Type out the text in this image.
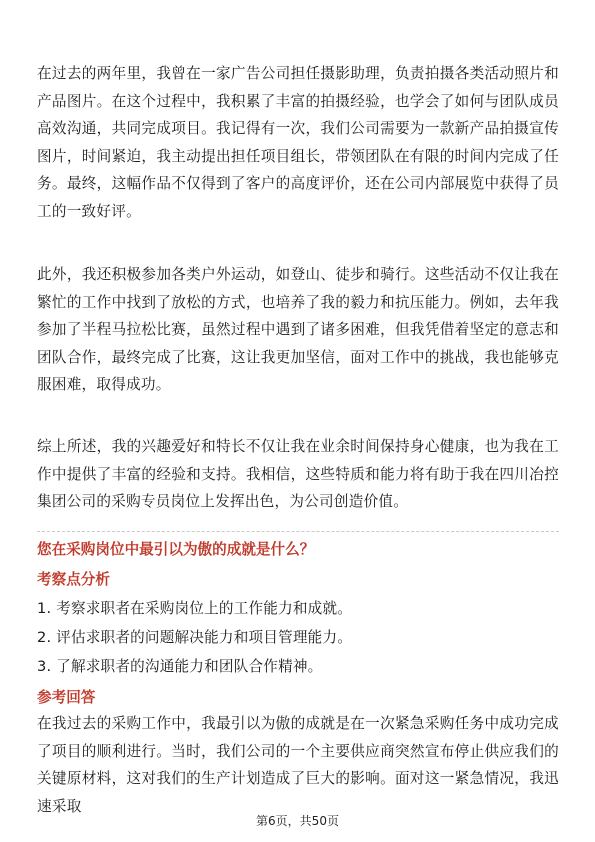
在过去的两年里，我曾在一家广告公司担任摄影助理，负责拍摄各类活动照片和产品图片。在这个过程中，我积累了丰富的拍摄经验，也学会了如何与团队成员高效沟通，共同完成项目。我记得有一次，我们公司需要为一款新产品拍摄宣传图片，时间紧迫，我主动提出担任项目组长，带领团队在有限的时间内完成了任务。最终，这幅作品不仅得到了客户的高度评价，还在公司内部展览中获得了员工的一致好评。

此外，我还积极参加各类户外运动，如登山、徒步和骑行。这些活动不仅让我在繁忙的工作中找到了放松的方式，也培养了我的毅力和抗压能力。例如，去年我参加了半程马拉松比赛，虽然过程中遇到了诸多困难，但我凭借着坚定的意志和团队合作，最终完成了比赛，这让我更加坚信，面对工作中的挑战，我也能够克服困难，取得成功。

综上所述，我的兴趣爱好和特长不仅让我在业余时间保持身心健康，也为我在工作中提供了丰富的经验和支持。我相信，这些特质和能力将有助于我在四川冶控集团公司的采购专员岗位上发挥出色，为公司创造价值。

您在采购岗位中最引以为傲的成就是什么？
考察点分析
1. 考察求职者在采购岗位上的工作能力和成就。
2. 评估求职者的问题解决能力和项目管理能力。
3. 了解求职者的沟通能力和团队合作精神。
参考回答

在我过去的采购工作中，我最引以为傲的成就是在一次紧急采购任务中成功完成了项目的顺利进行。当时，我们公司的一个主要供应商突然宣布停止供应我们的关键原材料，这对我们的生产计划造成了巨大的影响。面对这一紧急情况，我迅速采取

第6页，共50页
